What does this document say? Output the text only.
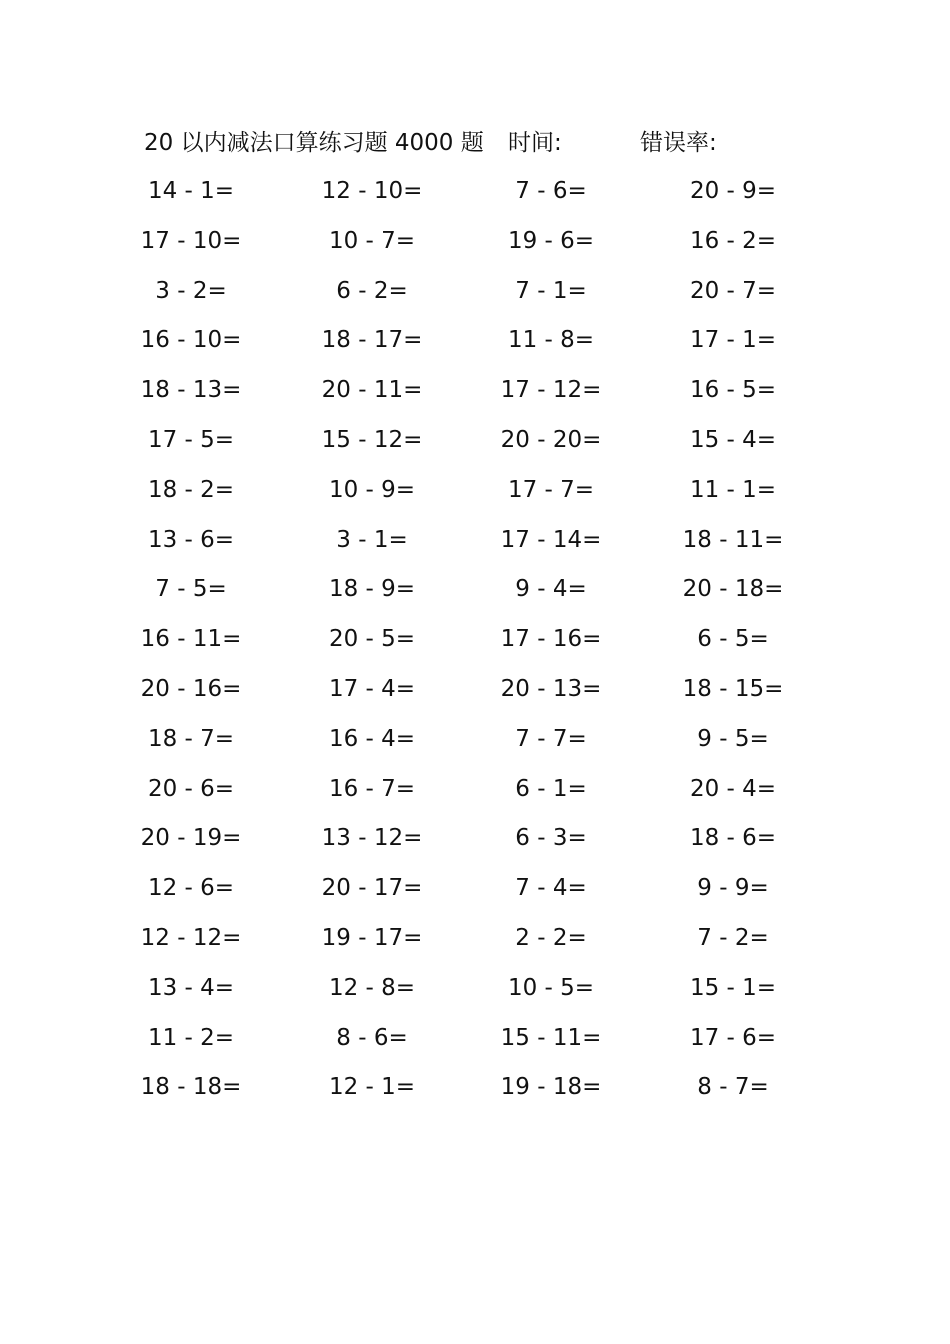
20 以内减法口算练习题 4000 题 时间:	错误率:
14 - 1=	12 - 10=	7 - 6=	20 - 9=
17 - 10=	10 - 7=	19 - 6=	16 - 2=
3 - 2=	6 - 2=	7 - 1=	20 - 7=
16 - 10=	18 - 17=	11 - 8=	17 - 1=
18 - 13=	20 - 11=	17 - 12=	16 - 5=
17 - 5=	15 - 12=	20 - 20=	15 - 4=
18 - 2=	10 - 9=	17 - 7=	11 - 1=
13 - 6=	3 - 1=	17 - 14=	18 - 11=
7 - 5=	18 - 9=	9 - 4=	20 - 18=
16 - 11=	20 - 5=	17 - 16=	6 - 5=
20 - 16=	17 - 4=	20 - 13=	18 - 15=
18 - 7=	16 - 4=	7 - 7=	9 - 5=
20 - 6=	16 - 7=	6 - 1=	20 - 4=
20 - 19=	13 - 12=	6 - 3=	18 - 6=
12 - 6=	20 - 17=	7 - 4=	9 - 9=
12 - 12=	19 - 17=	2 - 2=	7 - 2=
13 - 4=	12 - 8=	10 - 5=	15 - 1=
11 - 2=	8 - 6=	15 - 11=	17 - 6=
18 - 18=	12 - 1=	19 - 18=	8 - 7=
